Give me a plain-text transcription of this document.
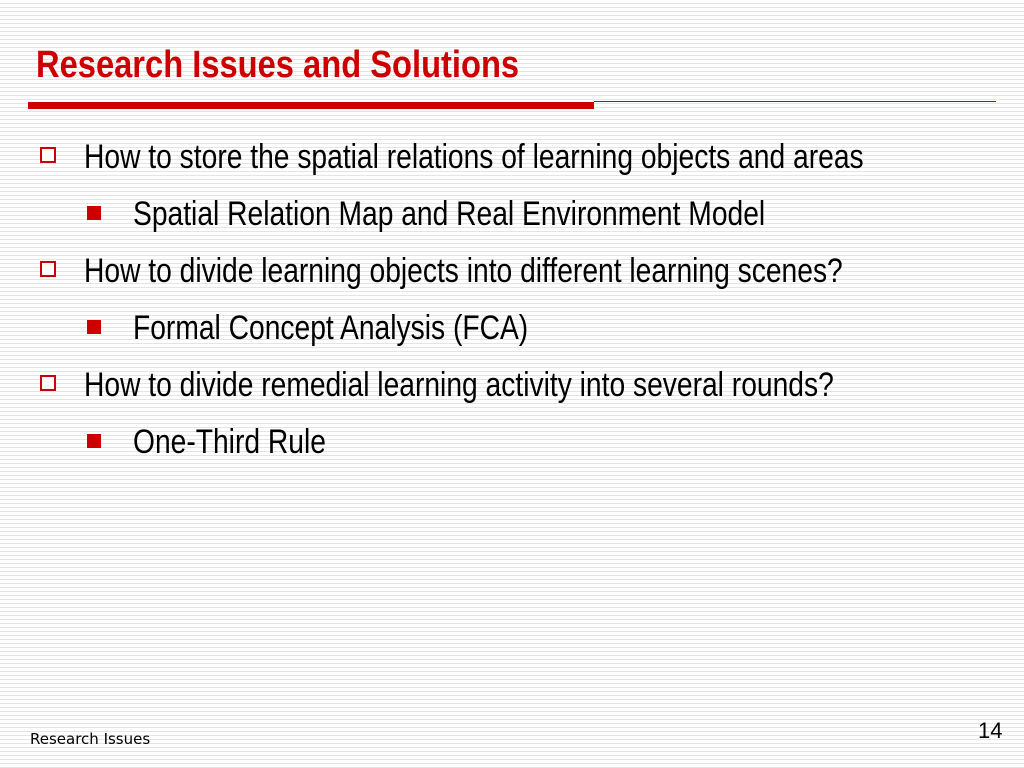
Research Issues and Solutions
How to store the spatial relations of learning objects and areas
Spatial Relation Map and Real Environment Model
How to divide learning objects into different learning scenes?
Formal Concept Analysis (FCA)
How to divide remedial learning activity into several rounds?
One-Third Rule
Research Issues	14
